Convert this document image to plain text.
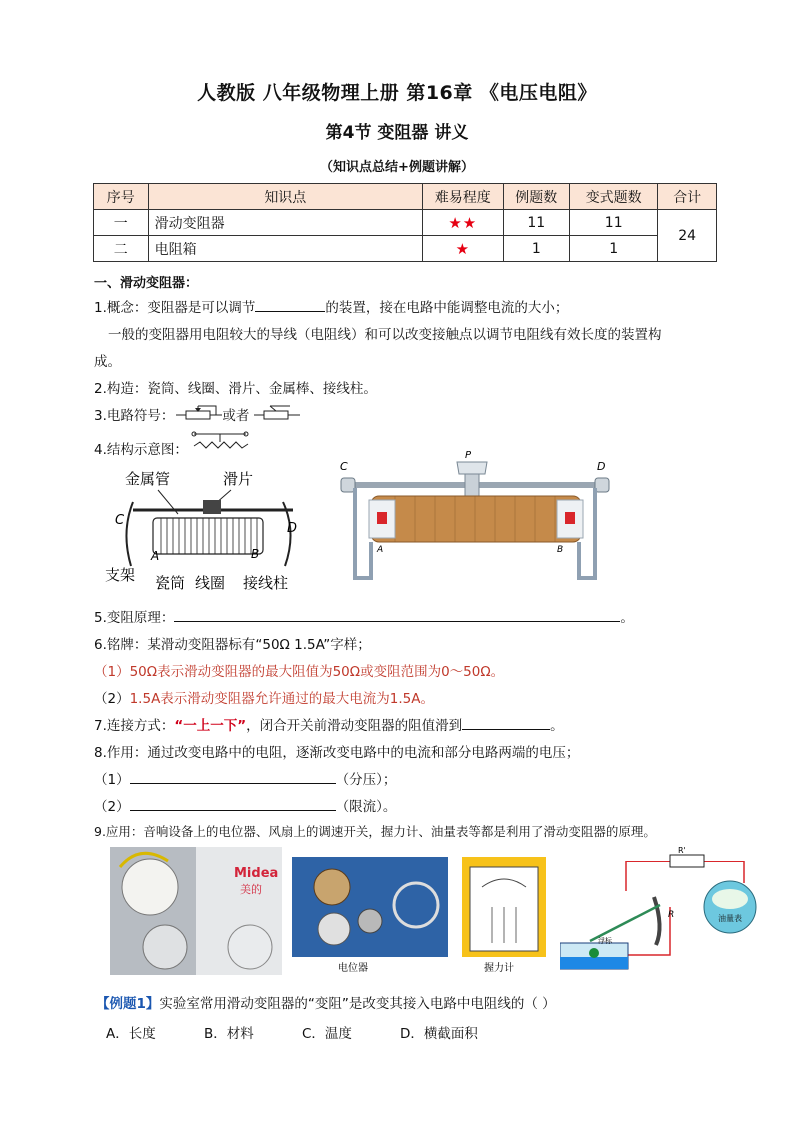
人教版 八年级物理上册 第16章 《电压电阻》
第4节 变阻器 讲义
（知识点总结+例题讲解）
序号	知识点	难易程度	例题数	变式题数	合计
一	滑动变阻器	★★	11	11	24
二	电阻箱	★	1	1	
一、滑动变阻器：
1.概念：变阻器是可以调节	的装置，接在电路中能调整电流的大小；
一般的变阻器用电阻较大的导线（电阻线）和可以改变接触点以调节电阻线有效长度的装置构
成。
2.构造：瓷筒、线圈、滑片、金属棒、接线柱。
3.电路符号：	或者
4.结构示意图：
金属管	滑片
C
D
A	B
支架 瓷筒 线圈 接线柱
C	D
P
A	B
5.变阻原理：	。
6.铭牌：某滑动变阻器标有“50Ω 1.5A”字样；
（1）50Ω表示滑动变阻器的最大阻值为50Ω或变阻范围为0～50Ω。
（2）1.5A表示滑动变阻器允许通过的最大电流为1.5A。
7.连接方式：“一上一下”，闭合开关前滑动变阻器的阻值滑到	。
8.作用：通过改变电路中的电阻，逐渐改变电路中的电流和部分电路两端的电压；
（1）	（分压）；
（2）	（限流）。
9.应用：音响设备上的电位器、风扇上的调速开关，握力计、油量表等都是利用了滑动变阻器的原理。
Midea
美的
电位器	握力计
R'
油量表
R
浮标
【例题1】实验室常用滑动变阻器的“变阻”是改变其接入电路中电阻线的（ ）
A．长度	B．材料	C．温度	D．横截面积
